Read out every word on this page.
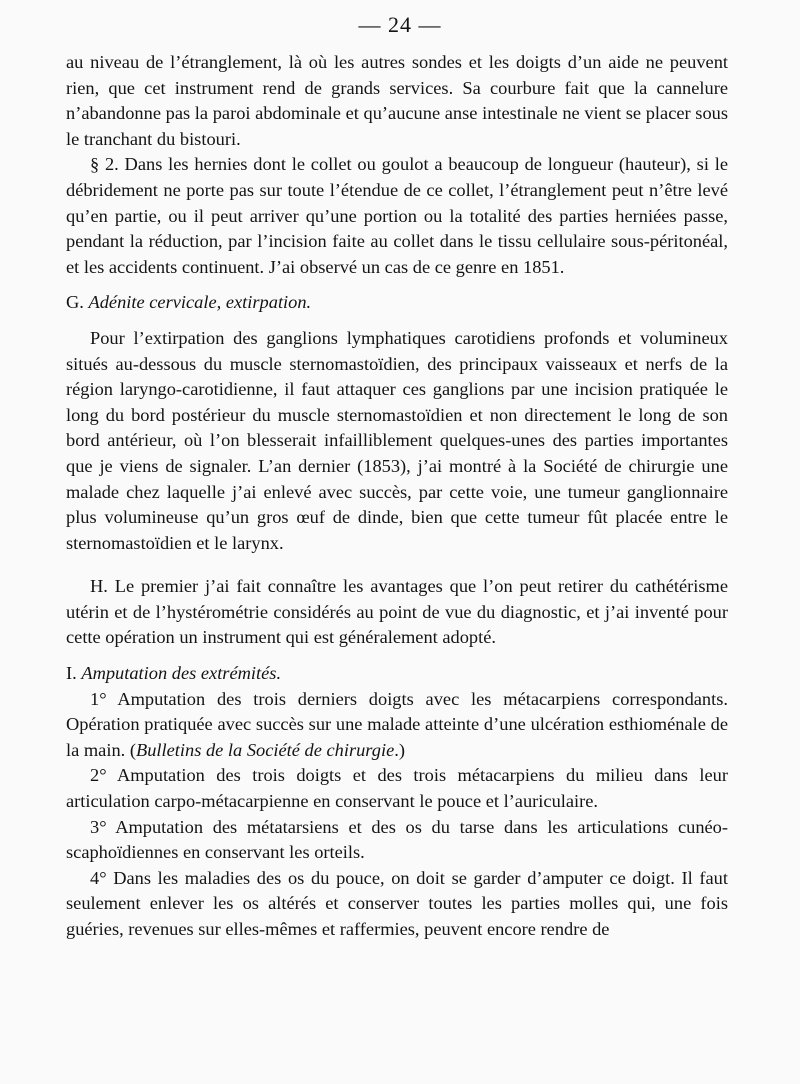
— 24 —

au niveau de l’étranglement, là où les autres sondes et les doigts d’un aide ne peuvent rien, que cet instrument rend de grands services. Sa courbure fait que la cannelure n’abandonne pas la paroi abdominale et qu’aucune anse intestinale ne vient se placer sous le tranchant du bistouri.

§ 2. Dans les hernies dont le collet ou goulot a beaucoup de longueur (hauteur), si le débridement ne porte pas sur toute l’étendue de ce collet, l’étranglement peut n’être levé qu’en partie, ou il peut arriver qu’une portion ou la totalité des parties herniées passe, pendant la réduction, par l’incision faite au collet dans le tissu cellulaire sous-péritonéal, et les accidents continuent. J’ai observé un cas de ce genre en 1851.

G. Adénite cervicale, extirpation.

Pour l’extirpation des ganglions lymphatiques carotidiens profonds et volumineux situés au-dessous du muscle sternomastoïdien, des principaux vaisseaux et nerfs de la région laryngo-carotidienne, il faut attaquer ces ganglions par une incision pratiquée le long du bord postérieur du muscle sternomastoïdien et non directement le long de son bord antérieur, où l’on blesserait infailliblement quelques-unes des parties importantes que je viens de signaler. L’an dernier (1853), j’ai montré à la Société de chirurgie une malade chez laquelle j’ai enlevé avec succès, par cette voie, une tumeur ganglionnaire plus volumineuse qu’un gros œuf de dinde, bien que cette tumeur fût placée entre le sternomastoïdien et le larynx.

H. Le premier j’ai fait connaître les avantages que l’on peut retirer du cathétérisme utérin et de l’hystérométrie considérés au point de vue du diagnostic, et j’ai inventé pour cette opération un instrument qui est généralement adopté.

I. Amputation des extrémités.

1° Amputation des trois derniers doigts avec les métacarpiens correspondants. Opération pratiquée avec succès sur une malade atteinte d’une ulcération esthioménale de la main. (Bulletins de la Société de chirurgie.)

2° Amputation des trois doigts et des trois métacarpiens du milieu dans leur articulation carpo-métacarpienne en conservant le pouce et l’auriculaire.

3° Amputation des métatarsiens et des os du tarse dans les articulations cunéo-scaphoïdiennes en conservant les orteils.

4° Dans les maladies des os du pouce, on doit se garder d’amputer ce doigt. Il faut seulement enlever les os altérés et conserver toutes les parties molles qui, une fois guéries, revenues sur elles-mêmes et raffermies, peuvent encore rendre de
